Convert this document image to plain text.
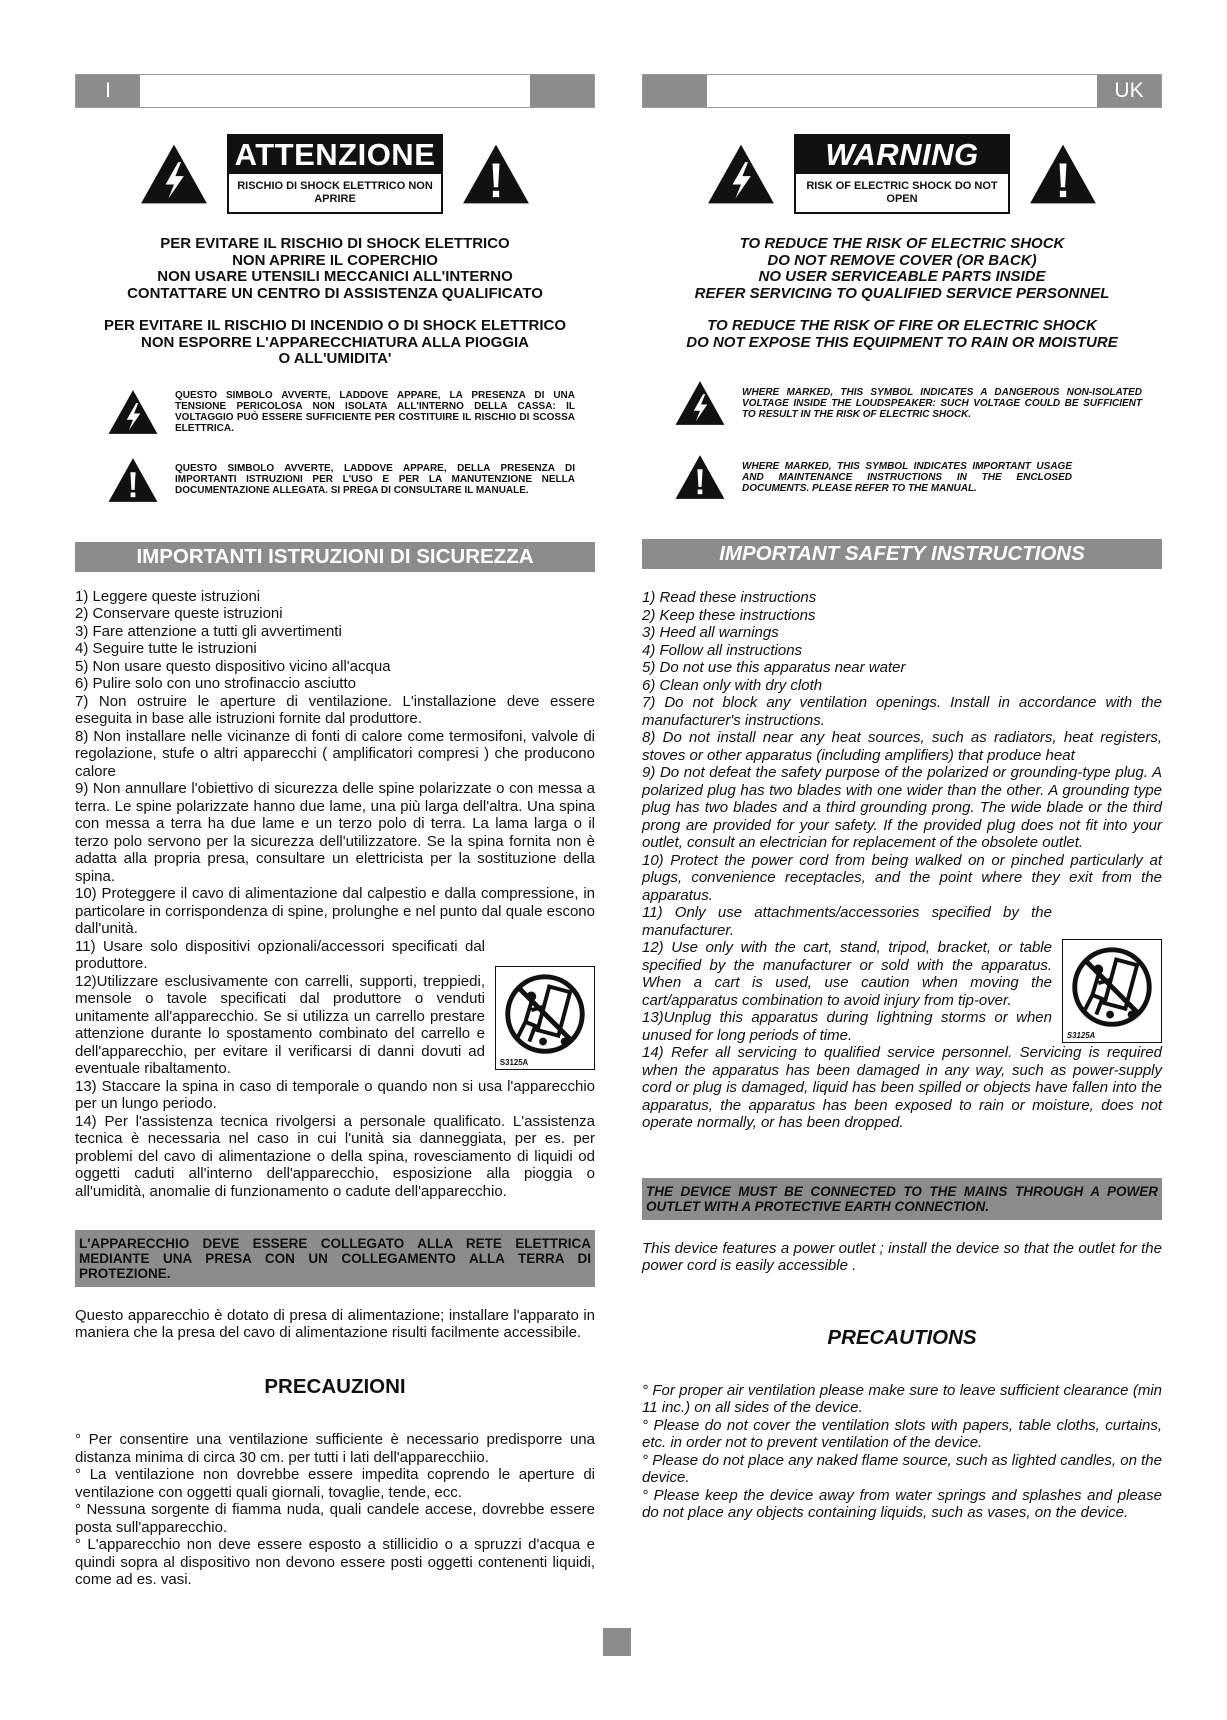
I
ATTENZIONE
RISCHIO DI SHOCK ELETTRICO NON APRIRE
PER EVITARE IL RISCHIO DI SHOCK ELETTRICO
NON APRIRE IL COPERCHIO
NON USARE UTENSILI MECCANICI ALL'INTERNO
CONTATTARE UN CENTRO DI ASSISTENZA QUALIFICATO
PER EVITARE IL RISCHIO DI INCENDIO O DI SHOCK ELETTRICO
NON ESPORRE L'APPARECCHIATURA ALLA PIOGGIA
O ALL'UMIDITA'
QUESTO SIMBOLO AVVERTE, LADDOVE APPARE, LA PRESENZA DI UNA TENSIONE PERICOLOSA NON ISOLATA ALL'INTERNO DELLA CASSA: IL VOLTAGGIO PUÒ ESSERE SUFFICIENTE PER COSTITUIRE IL RISCHIO DI SCOSSA ELETTRICA.
QUESTO SIMBOLO AVVERTE, LADDOVE APPARE, DELLA PRESENZA DI IMPORTANTI ISTRUZIONI PER L'USO E PER LA MANUTENZIONE NELLA DOCUMENTAZIONE ALLEGATA. SI PREGA DI CONSULTARE IL MANUALE.
IMPORTANTI ISTRUZIONI DI SICUREZZA

1) Leggere queste istruzioni

2) Conservare queste istruzioni

3) Fare attenzione a tutti gli avvertimenti

4) Seguire tutte le istruzioni

5) Non usare questo dispositivo vicino all'acqua

6) Pulire solo con uno strofinaccio asciutto

7) Non ostruire le aperture di ventilazione. L'installazione deve essere eseguita in base alle istruzioni fornite dal produttore.

8) Non installare nelle vicinanze di fonti di calore come termosifoni, valvole di regolazione, stufe o altri apparecchi ( amplificatori compresi ) che producono calore

9) Non annullare l'obiettivo di sicurezza delle spine polarizzate o con messa a terra. Le spine polarizzate hanno due lame, una più larga dell'altra. Una spina con messa a terra ha due lame e un terzo polo di terra. La lama larga o il terzo polo servono per la sicurezza dell'utilizzatore. Se la spina fornita non è adatta alla propria presa, consultare un elettricista per la sostituzione della spina.

10) Proteggere il cavo di alimentazione dal calpestio e dalla compressione, in particolare in corrispondenza di spine, prolunghe e nel punto dal quale escono dall'unità.

11) Usare solo dispositivi opzionali/accessori specificati dal produttore.

12)Utilizzare esclusivamente con carrelli, supporti, treppiedi, mensole o tavole specificati dal produttore o venduti unitamente all'apparecchio. Se si utilizza un carrello prestare attenzione durante lo spostamento combinato del carrello e dell'apparecchio, per evitare il verificarsi di danni dovuti ad eventuale ribaltamento.

13) Staccare la spina in caso di temporale o quando non si usa l'apparecchio per un lungo periodo.

14) Per l'assistenza tecnica rivolgersi a personale qualificato. L'assistenza tecnica è necessaria nel caso in cui l'unità sia danneggiata, per es. per problemi del cavo di alimentazione o della spina, rovesciamento di liquidi od oggetti caduti all'interno dell'apparecchio, esposizione alla pioggia o all'umidità, anomalie di funzionamento o cadute dell'apparecchio.

L'APPARECCHIO DEVE ESSERE COLLEGATO ALLA RETE ELETTRICA MEDIANTE UNA PRESA CON UN COLLEGAMENTO ALLA TERRA DI PROTEZIONE.
Questo apparecchio è dotato di presa di alimentazione; installare l'apparato in maniera che la presa del cavo di alimentazione risulti facilmente accessibile.
PRECAUZIONI

° Per consentire una ventilazione sufficiente è necessario predisporre una distanza minima di circa 30 cm. per tutti i lati dell'apparecchiio.

° La ventilazione non dovrebbe essere impedita coprendo le aperture di ventilazione con oggetti quali giornali, tovaglie, tende, ecc.

° Nessuna sorgente di fiamma nuda, quali candele accese, dovrebbe essere posta sull'apparecchio.

° L'apparecchio non deve essere esposto a stillicidio o a spruzzi d'acqua e quindi sopra al dispositivo non devono essere posti oggetti contenenti liquidi, come ad es. vasi.

UK
WARNING
RISK OF ELECTRIC SHOCK DO NOT OPEN
TO REDUCE THE RISK OF ELECTRIC SHOCK
DO NOT REMOVE COVER (OR BACK)
NO USER SERVICEABLE PARTS INSIDE
REFER SERVICING TO QUALIFIED SERVICE PERSONNEL
TO REDUCE THE RISK OF FIRE OR ELECTRIC SHOCK
DO NOT EXPOSE THIS EQUIPMENT TO RAIN OR MOISTURE
WHERE MARKED, THIS SYMBOL INDICATES A DANGEROUS NON-ISOLATED VOLTAGE INSIDE THE LOUDSPEAKER: SUCH VOLTAGE COULD BE SUFFICIENT TO RESULT IN THE RISK OF ELECTRIC SHOCK.
WHERE MARKED, THIS SYMBOL INDICATES IMPORTANT USAGE AND MAINTENANCE INSTRUCTIONS IN THE ENCLOSED DOCUMENTS. PLEASE REFER TO THE MANUAL.
IMPORTANT SAFETY INSTRUCTIONS

1) Read these instructions

2) Keep these instructions

3) Heed all warnings

4) Follow all instructions

5) Do not use this apparatus near water

6) Clean only with dry cloth

7) Do not block any ventilation openings. Install in accordance with the manufacturer's instructions.

8) Do not install near any heat sources, such as radiators, heat registers, stoves or other apparatus (including amplifiers) that produce heat

9) Do not defeat the safety purpose of the polarized or grounding-type plug. A polarized plug has two blades with one wider than the other. A grounding type plug has two blades and a third grounding prong. The wide blade or the third prong are provided for your safety. If the provided plug does not fit into your outlet, consult an electrician for replacement of the obsolete outlet.

10) Protect the power cord from being walked on or pinched particularly at plugs, convenience receptacles, and the point where they exit from the apparatus.

11) Only use attachments/accessories specified by the manufacturer.

12) Use only with the cart, stand, tripod, bracket, or table specified by the manufacturer or sold with the apparatus. When a cart is used, use caution when moving the cart/apparatus combination to avoid injury from tip-over.

13)Unplug this apparatus during lightning storms or when unused for long periods of time.

14) Refer all servicing to qualified service personnel. Servicing is required when the apparatus has been damaged in any way, such as power-supply cord or plug is damaged, liquid has been spilled or objects have fallen into the apparatus, the apparatus has been exposed to rain or moisture, does not operate normally, or has been dropped.

THE DEVICE MUST BE CONNECTED TO THE MAINS THROUGH A POWER OUTLET WITH A PROTECTIVE EARTH CONNECTION.
This device features a power outlet ; install the device so that the outlet for the power cord is easily accessible .
PRECAUTIONS

° For proper air ventilation please make sure to leave sufficient clearance (min 11 inc.) on all sides of the device.

° Please do not cover the ventilation slots with papers, table cloths, curtains, etc. in order not to prevent ventilation of the device.

° Please do not place any naked flame source, such as lighted candles, on the device.

° Please keep the device away from water springs and splashes and please do not place any objects containing liquids, such as vases, on the device.
